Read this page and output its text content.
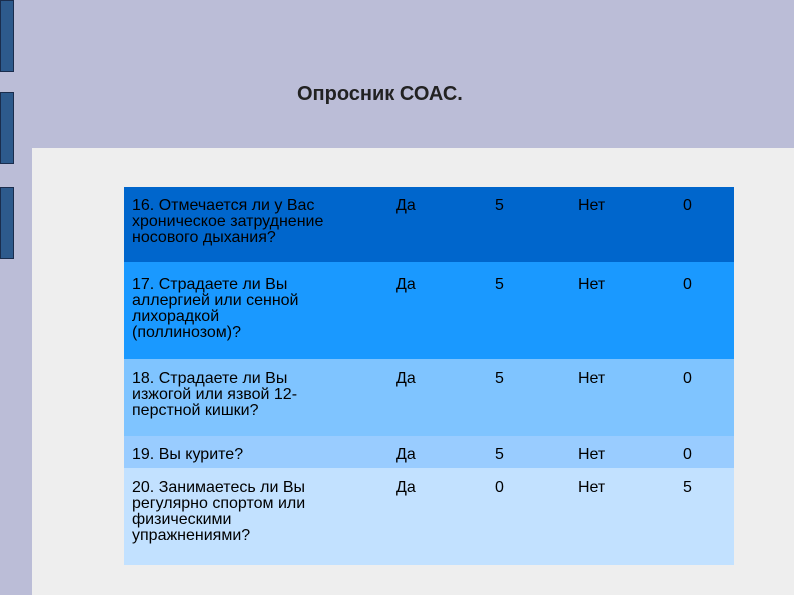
Опросник СОАС.
16. Отмечается ли у Вас
хроническое затруднение
носового дыхания?
Да	5	Нет	0
17. Страдаете ли Вы
аллергией или сенной
лихорадкой
(поллинозом)?
Да	5	Нет	0
18. Страдаете ли Вы
изжогой или язвой 12-
перстной кишки?
Да	5	Нет	0
19. Вы курите?	Да	5	Нет	0
20. Занимаетесь ли Вы
регулярно спортом или
физическими
упражнениями?
Да	0	Нет	5
